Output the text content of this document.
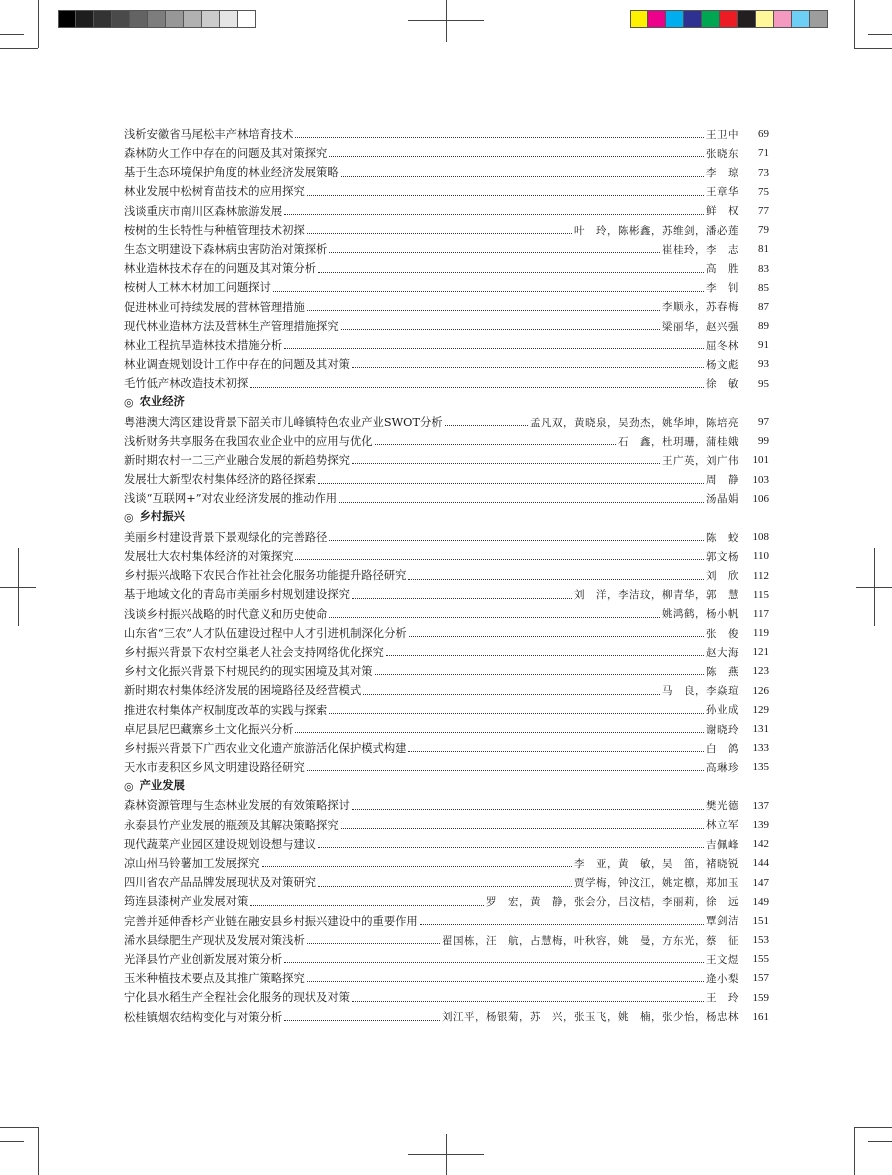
浅析安徽省马尾松丰产林培育技术	王卫中	69
森林防火工作中存在的问题及其对策探究	张晓东	71
基于生态环境保护角度的林业经济发展策略	李　琼	73
林业发展中松树育苗技术的应用探究	王章华	75
浅谈重庆市南川区森林旅游发展	鲜　权	77
桉树的生长特性与种植管理技术初探	叶　玲，陈彬鑫，苏维剑，潘必莲	79
生态文明建设下森林病虫害防治对策探析	崔桂玲，李　志	81
林业造林技术存在的问题及其对策分析	高　胜	83
桉树人工林木材加工问题探讨	李　钊	85
促进林业可持续发展的营林管理措施	李顺永，苏春梅	87
现代林业造林方法及营林生产管理措施探究	梁丽华，赵兴强	89
林业工程抗旱造林技术措施分析	屈冬林	91
林业调查规划设计工作中存在的问题及其对策	杨文彪	93
毛竹低产林改造技术初探	徐　敏	95
◎ 农业经济
粤港澳大湾区建设背景下韶关市儿峰镇特色农业产业SWOT分析	孟凡双，黄晓泉，吴劲杰，姚华坤，陈培亮	97
浅析财务共享服务在我国农业企业中的应用与优化	石　鑫，杜玥珊，蒲桂娥	99
新时期农村一二三产业融合发展的新趋势探究	王广英，刘广伟	101
发展壮大新型农村集体经济的路径探索	周　静	103
浅谈“互联网+”对农业经济发展的推动作用	汤晶娟	106
◎ 乡村振兴
美丽乡村建设背景下景观绿化的完善路径	陈　蛟	108
发展壮大农村集体经济的对策探究	郭文杨	110
乡村振兴战略下农民合作社社会化服务功能提升路径研究	刘　欣	112
基于地域文化的青岛市美丽乡村规划建设探究	刘　洋，李洁玟，柳青华，郭　慧	115
浅谈乡村振兴战略的时代意义和历史使命	姚鸿鹤，杨小帆	117
山东省“三农”人才队伍建设过程中人才引进机制深化分析	张　俊	119
乡村振兴背景下农村空巢老人社会支持网络优化探究	赵大海	121
乡村文化振兴背景下村规民约的现实困境及其对策	陈　燕	123
新时期农村集体经济发展的困境路径及经营模式	马　良，李焱瑄	126
推进农村集体产权制度改革的实践与探索	孙业成	129
卓尼县尼巴藏寨乡土文化振兴分析	谢晓玲	131
乡村振兴背景下广西农业文化遗产旅游活化保护模式构建	白　鸽	133
天水市麦积区乡风文明建设路径研究	高琳珍	135
◎ 产业发展
森林资源管理与生态林业发展的有效策略探讨	樊光德	137
永泰县竹产业发展的瓶颈及其解决策略探究	林立军	139
现代蔬菜产业园区建设规划设想与建议	吉佩峰	142
凉山州马铃薯加工发展探究	李　亚，黄　敏，吴　笛，褚晓锐	144
四川省农产品品牌发展现状及对策研究	贾学梅，钟汶江，姚定檩，郑加玉	147
筠连县漆树产业发展对策	罗　宏，黄　静，张会分，吕汶桔，李丽莉，徐　远	149
完善并延伸香杉产业链在融安县乡村振兴建设中的重要作用	覃剑洁	151
浠水县绿肥生产现状及发展对策浅析	翟国栋，汪　航，占慧梅，叶秋容，姚　曼，方东光，蔡　征	153
光泽县竹产业创新发展对策分析	王文煜	155
玉米种植技术要点及其推广策略探究	逄小梨	157
宁化县水稻生产全程社会化服务的现状及对策	王　玲	159
松桂镇烟农结构变化与对策分析	刘江平，杨银菊，苏　兴，张玉飞，姚　楠，张少怡，杨忠林	161
